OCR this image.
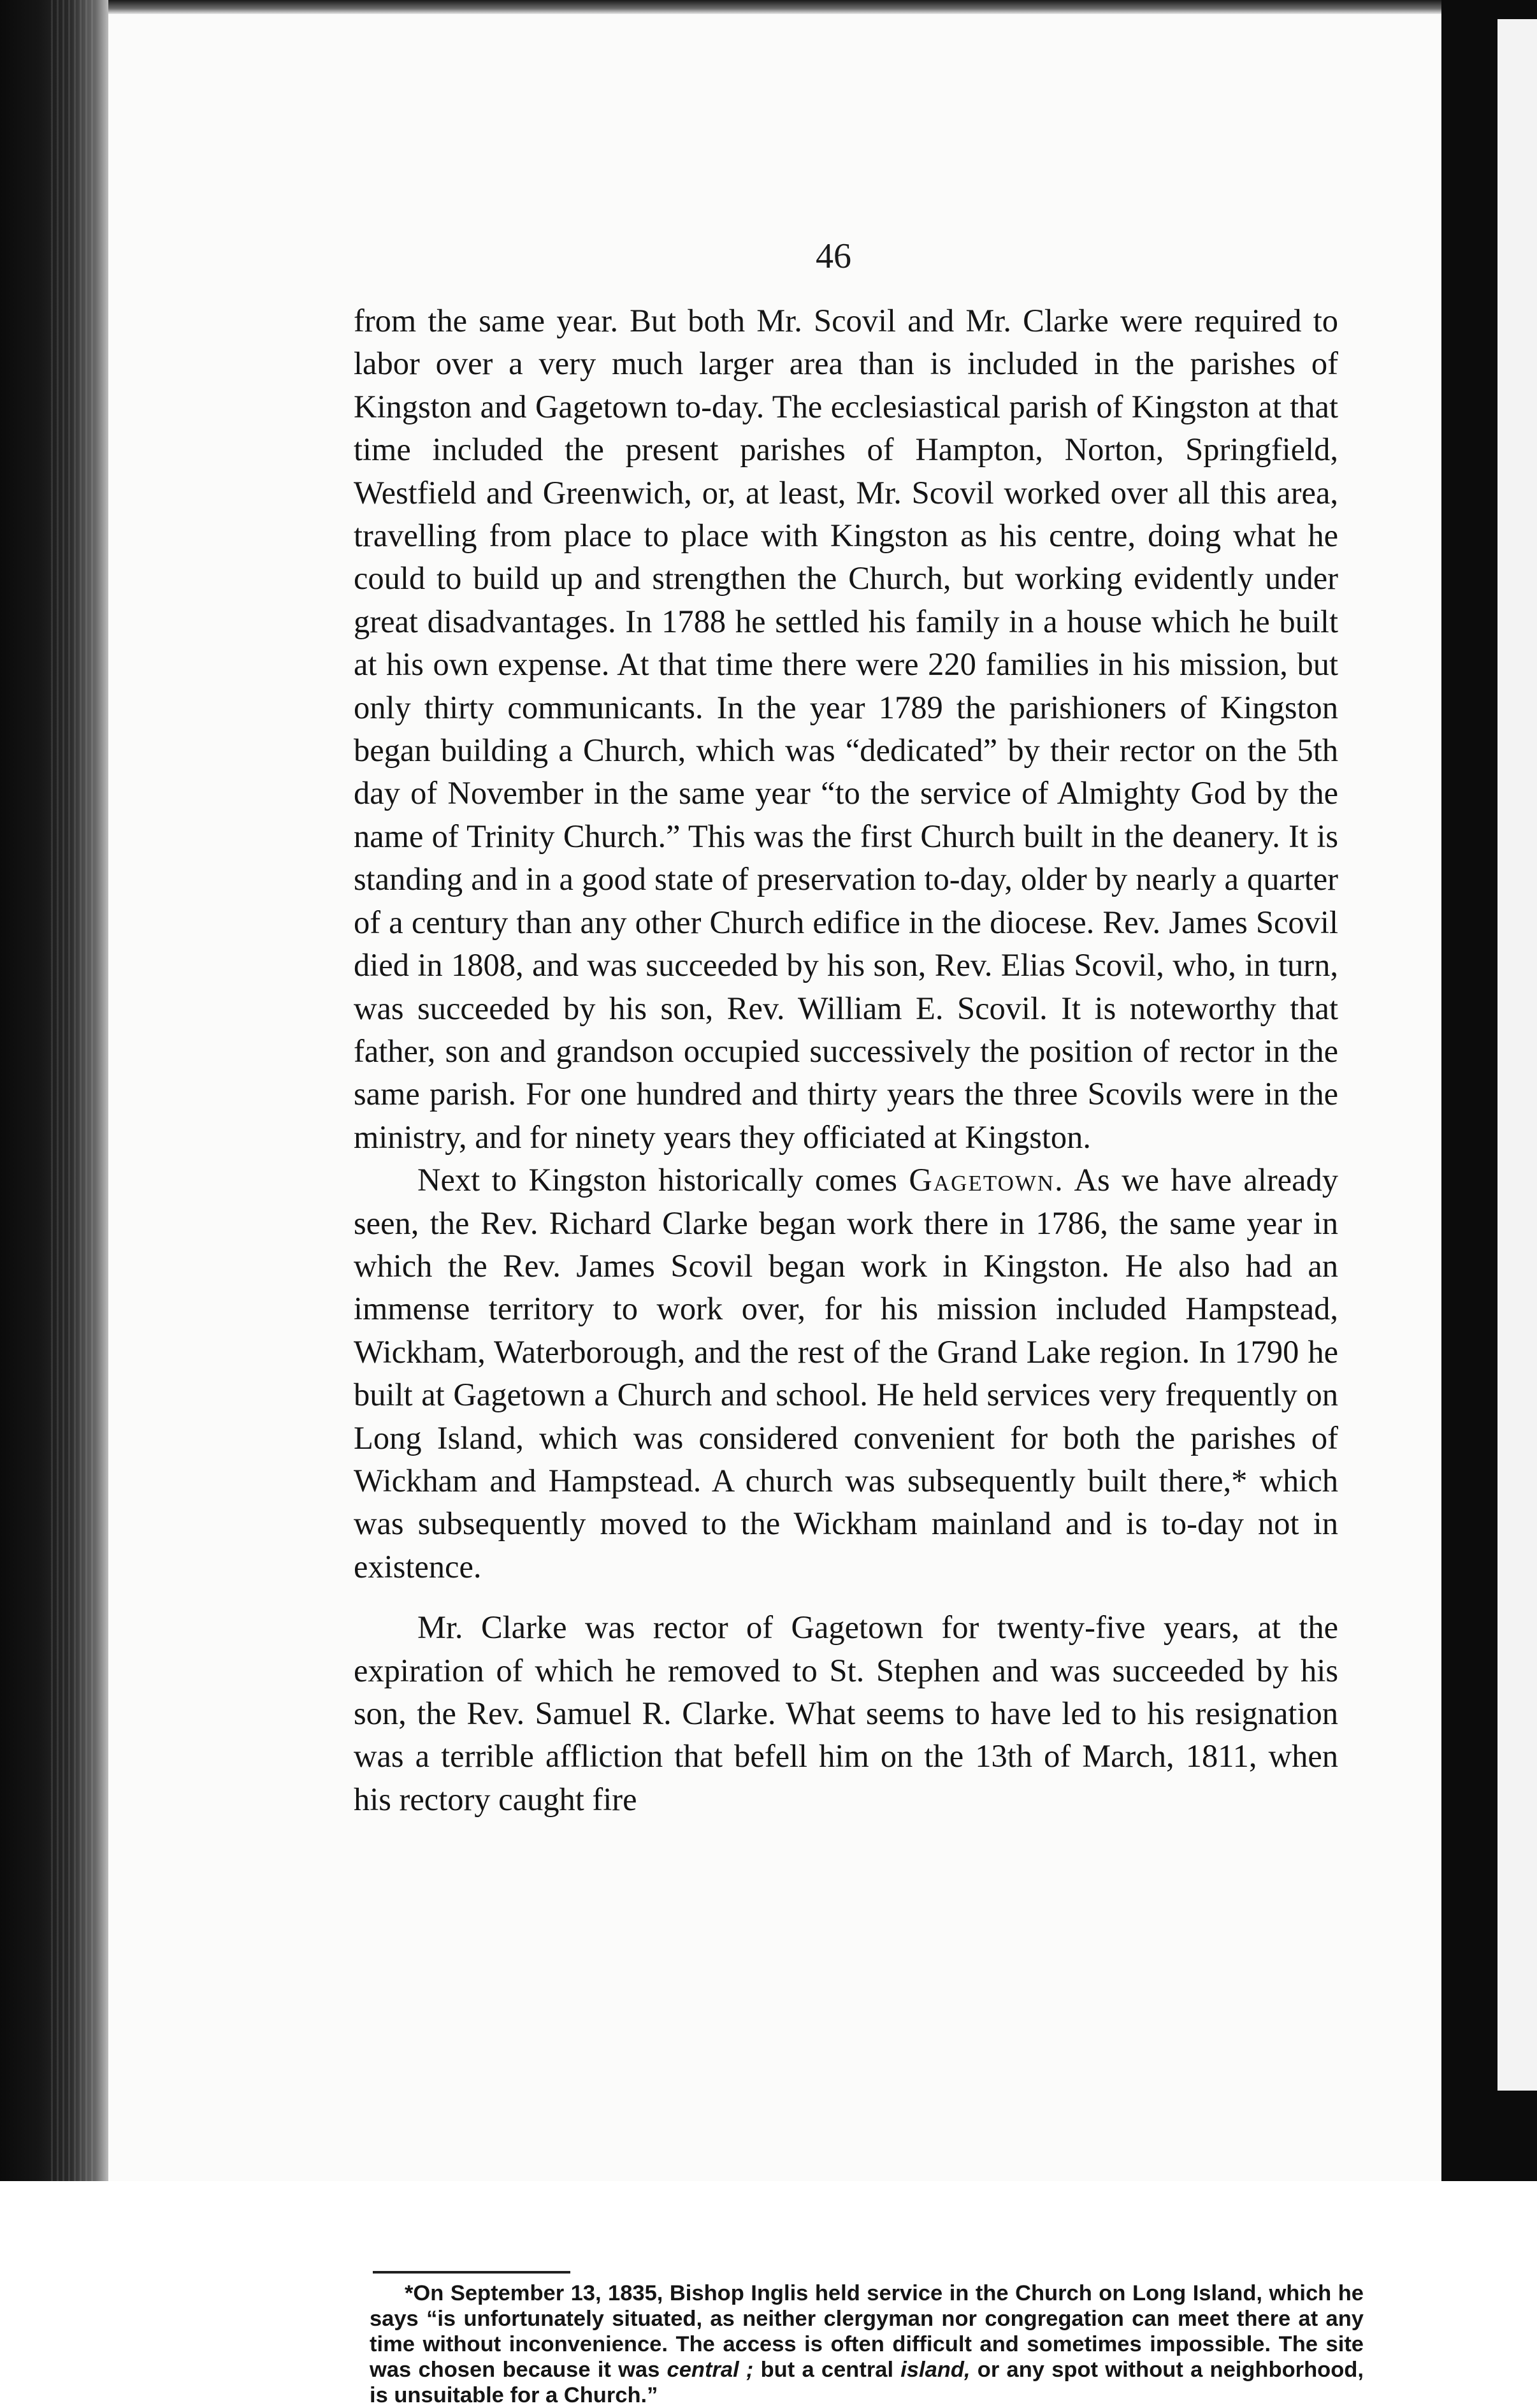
46

from the same year. But both Mr. Scovil and Mr. Clarke were required to labor over a very much larger area than is included in the parishes of Kingston and Gagetown to-day. The ecclesiastical parish of Kingston at that time included the present parishes of Hampton, Norton, Springfield, Westfield and Greenwich, or, at least, Mr. Scovil worked over all this area, travelling from place to place with Kingston as his centre, doing what he could to build up and strengthen the Church, but working evidently under great disadvantages. In 1788 he settled his family in a house which he built at his own expense. At that time there were 220 families in his mission, but only thirty communicants. In the year 1789 the parishioners of Kingston began building a Church, which was “dedicated” by their rector on the 5th day of November in the same year “to the service of Almighty God by the name of Trinity Church.” This was the first Church built in the deanery. It is standing and in a good state of preservation to-day, older by nearly a quarter of a century than any other Church edifice in the diocese. Rev. James Scovil died in 1808, and was succeeded by his son, Rev. Elias Scovil, who, in turn, was succeeded by his son, Rev. William E. Scovil. It is noteworthy that father, son and grandson occupied successively the position of rector in the same parish. For one hundred and thirty years the three Scovils were in the ministry, and for ninety years they officiated at Kingston.

Next to Kingston historically comes Gagetown. As we have already seen, the Rev. Richard Clarke began work there in 1786, the same year in which the Rev. James Scovil began work in Kingston. He also had an immense territory to work over, for his mission included Hampstead, Wickham, Waterborough, and the rest of the Grand Lake region. In 1790 he built at Gagetown a Church and school. He held services very frequently on Long Island, which was considered convenient for both the parishes of Wickham and Hampstead. A church was subsequently built there,* which was subsequently moved to the Wickham mainland and is to-day not in existence.

Mr. Clarke was rector of Gagetown for twenty-five years, at the expiration of which he removed to St. Stephen and was succeeded by his son, the Rev. Samuel R. Clarke. What seems to have led to his resignation was a terrible affliction that befell him on the 13th of March, 1811, when his rectory caught fire

*On September 13, 1835, Bishop Inglis held service in the Church on Long Island, which he says “is unfortunately situated, as neither clergyman nor congregation can meet there at any time without inconvenience. The access is often difficult and sometimes impossible. The site was chosen because it was central ; but a central island, or any spot without a neighborhood, is unsuitable for a Church.”
